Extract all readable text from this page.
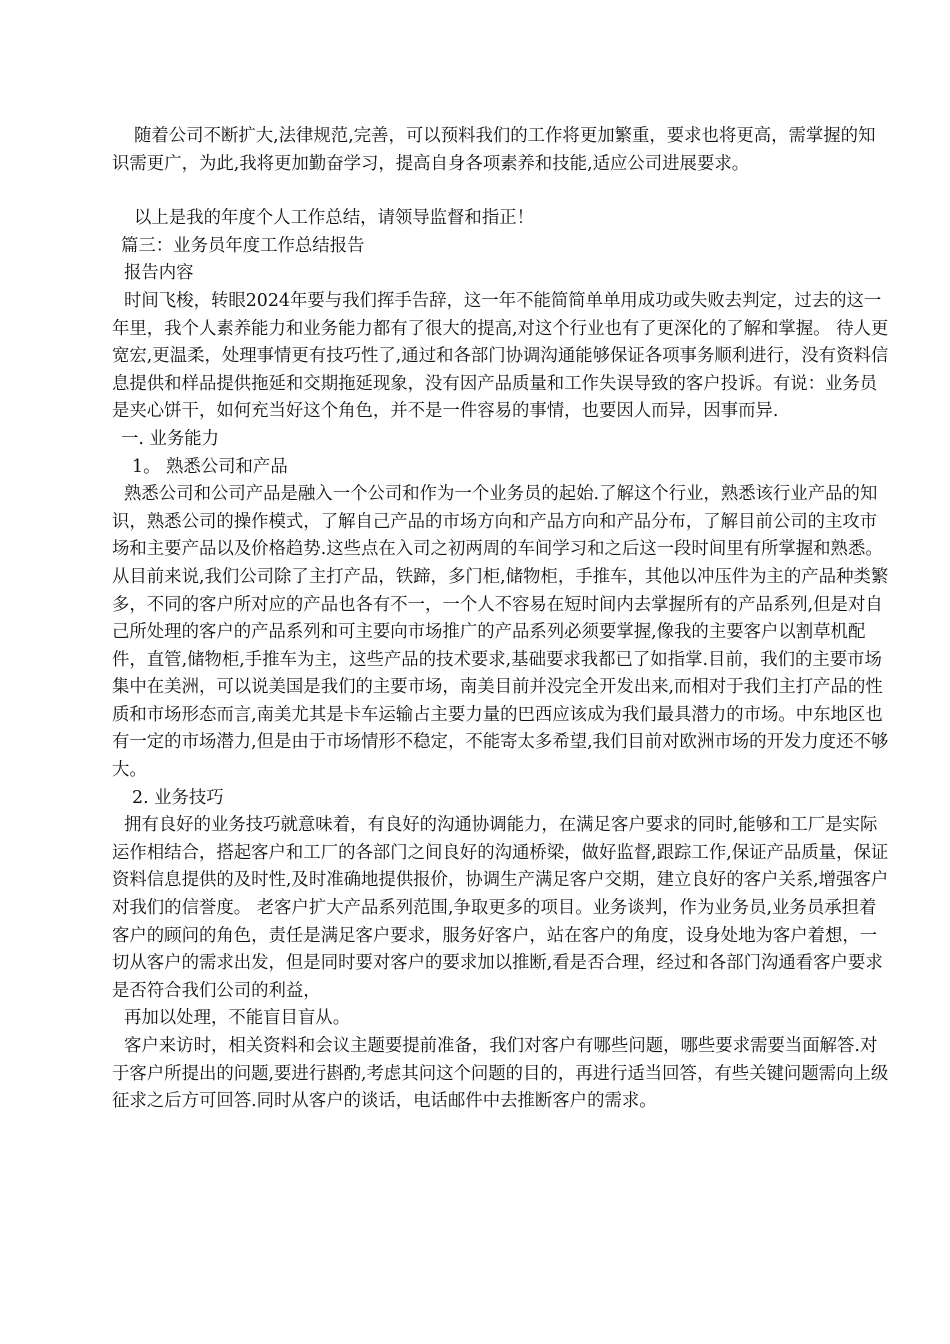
随着公司不断扩大,法律规范,完善，可以预料我们的工作将更加繁重，要求也将更高，需掌握的知识需更广，为此,我将更加勤奋学习，提高自身各项素养和技能,适应公司进展要求。

以上是我的年度个人工作总结，请领导监督和指正！

篇三：业务员年度工作总结报告

报告内容

时间飞梭，转眼2024年要与我们挥手告辞，这一年不能简简单单用成功或失败去判定，过去的这一年里，我个人素养能力和业务能力都有了很大的提高,对这个行业也有了更深化的了解和掌握。 待人更宽宏,更温柔，处理事情更有技巧性了,通过和各部门协调沟通能够保证各项事务顺利进行，没有资料信息提供和样品提供拖延和交期拖延现象，没有因产品质量和工作失误导致的客户投诉。有说：业务员是夹心饼干，如何充当好这个角色，并不是一件容易的事情，也要因人而异，因事而异.

一. 业务能力

1。 熟悉公司和产品

熟悉公司和公司产品是融入一个公司和作为一个业务员的起始.了解这个行业，熟悉该行业产品的知识，熟悉公司的操作模式，了解自己产品的市场方向和产品方向和产品分布，了解目前公司的主攻市场和主要产品以及价格趋势.这些点在入司之初两周的车间学习和之后这一段时间里有所掌握和熟悉。从目前来说,我们公司除了主打产品，铁蹄，多门柜,储物柜，手推车，其他以冲压件为主的产品种类繁多，不同的客户所对应的产品也各有不一，一个人不容易在短时间内去掌握所有的产品系列,但是对自己所处理的客户的产品系列和可主要向市场推广的产品系列必须要掌握,像我的主要客户以割草机配件，直管,储物柜,手推车为主，这些产品的技术要求,基础要求我都已了如指掌.目前，我们的主要市场集中在美洲，可以说美国是我们的主要市场，南美目前并没完全开发出来,而相对于我们主打产品的性质和市场形态而言,南美尤其是卡车运输占主要力量的巴西应该成为我们最具潜力的市场。中东地区也有一定的市场潜力,但是由于市场情形不稳定，不能寄太多希望,我们目前对欧洲市场的开发力度还不够大。

2. 业务技巧

拥有良好的业务技巧就意味着，有良好的沟通协调能力，在满足客户要求的同时,能够和工厂是实际运作相结合，搭起客户和工厂的各部门之间良好的沟通桥梁，做好监督,跟踪工作,保证产品质量，保证资料信息提供的及时性,及时准确地提供报价，协调生产满足客户交期，建立良好的客户关系,增强客户对我们的信誉度。 老客户扩大产品系列范围,争取更多的项目。业务谈判，作为业务员,业务员承担着客户的顾问的角色，责任是满足客户要求，服务好客户，站在客户的角度，设身处地为客户着想，一切从客户的需求出发，但是同时要对客户的要求加以推断,看是否合理，经过和各部门沟通看客户要求是否符合我们公司的利益，

再加以处理，不能盲目盲从。

客户来访时，相关资料和会议主题要提前准备，我们对客户有哪些问题，哪些要求需要当面解答.对于客户所提出的问题,要进行斟酌,考虑其问这个问题的目的，再进行适当回答，有些关键问题需向上级征求之后方可回答.同时从客户的谈话，电话邮件中去推断客户的需求。
